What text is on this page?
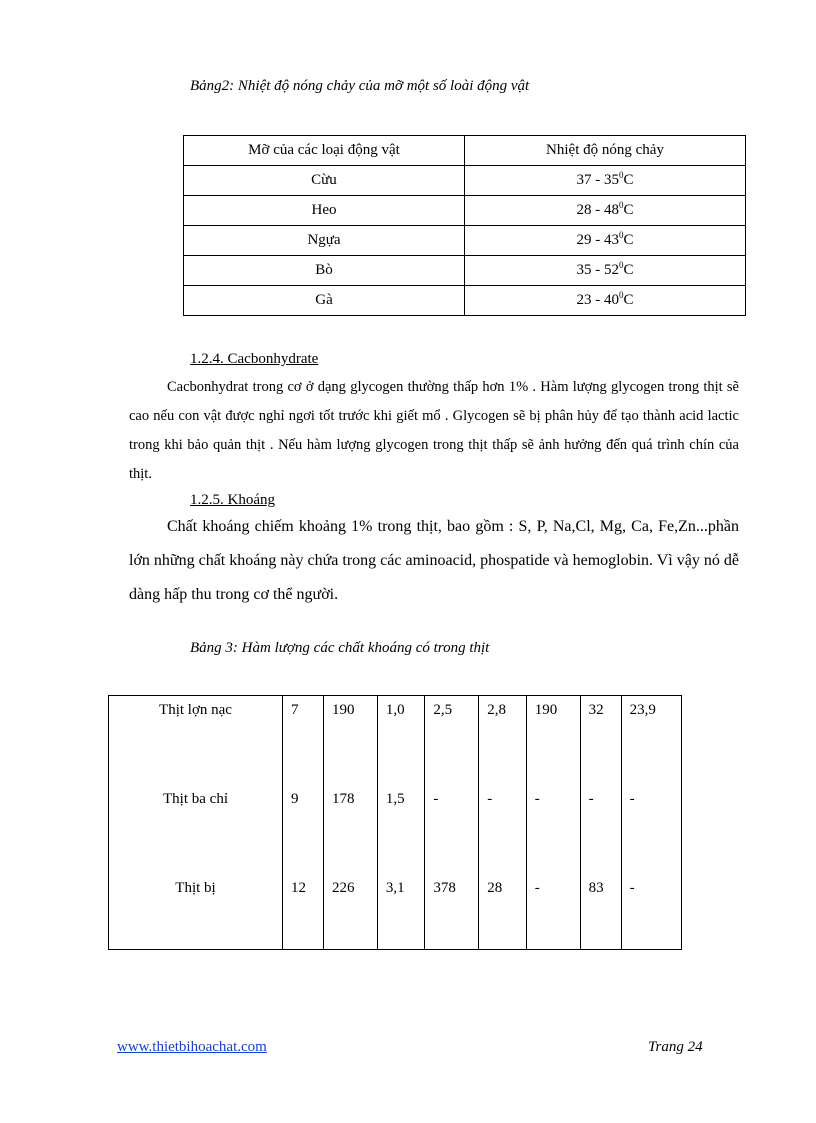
Bảng2: Nhiệt độ nóng chảy của mỡ một số loài động vật
Mỡ của các loại động vật	Nhiệt độ nóng chảy
Cừu	$37 - 35^0C$
Heo	$28 - 48^0C$
Ngựa	$29 - 43^0C$
Bò	$35 - 52^0C$
Gà	$23 - 40^0C$
1.2.4. Cacbonhydrate
Cacbonhydrat trong cơ ở dạng glycogen thường thấp hơn 1% . Hàm lượng glycogen trong thịt sẽ cao nếu con vật được nghỉ ngơi tốt trước khi giết mổ . Glycogen sẽ bị phân hủy để tạo thành acid lactic trong khi bảo quản thịt . Nếu hàm lượng glycogen trong thịt thấp sẽ ảnh hưởng đến quá trình chín của thịt.
1.2.5. Khoáng
Chất khoáng chiếm khoảng 1% trong thịt, bao gồm : S, P, Na,Cl, Mg, Ca, Fe,Zn...phần lớn những chất khoáng này chứa trong các aminoacid, phospatide và hemoglobin. Vì vậy nó dễ dàng hấp thu trong cơ thể người.
Bảng 3: Hàm lượng các chất khoáng có trong thịt
Thịt lợn nạc	7	190	1,0	2,5	2,8	190	32	23,9
Thịt ba chỉ	9	178	1,5	-	-	-	-	-
Thịt bị	12	226	3,1	378	28	-	83	-
www.thietbihoachat.com	Trang 24
